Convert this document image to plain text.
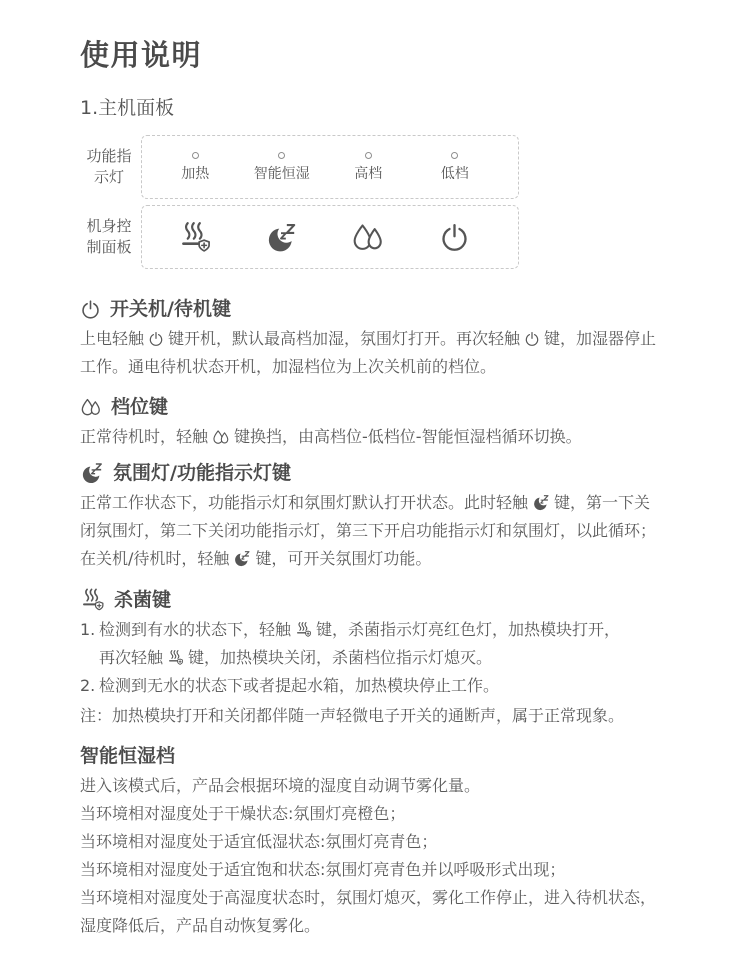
使用说明
1.主机面板
功能指
示灯	加热	智能恒湿	高档	低档
机身控
制面板
开关机/待机键

上电轻触 键开机，默认最高档加湿，氛围灯打开。再次轻触 键，加湿器停止工作。通电待机状态开机，加湿档位为上次关机前的档位。

档位键

正常待机时，轻触 键换挡，由高档位-低档位-智能恒湿档循环切换。

氛围灯/功能指示灯键

正常工作状态下，功能指示灯和氛围灯默认打开状态。此时轻触 键，第一下关闭氛围灯，第二下关闭功能指示灯，第三下开启功能指示灯和氛围灯，以此循环；在关机/待机时，轻触 键，可开关氛围灯功能。

杀菌键
1. 检测到有水的状态下，轻触 键，杀菌指示灯亮红色灯，加热模块打开，
再次轻触 键，加热模块关闭，杀菌档位指示灯熄灭。
2. 检测到无水的状态下或者提起水箱，加热模块停止工作。
注：加热模块打开和关闭都伴随一声轻微电子开关的通断声，属于正常现象。
智能恒湿档
进入该模式后，产品会根据环境的湿度自动调节雾化量。
当环境相对湿度处于干燥状态:氛围灯亮橙色；
当环境相对湿度处于适宜低湿状态:氛围灯亮青色；
当环境相对湿度处于适宜饱和状态:氛围灯亮青色并以呼吸形式出现；
当环境相对湿度处于高湿度状态时，氛围灯熄灭，雾化工作停止，进入待机状态，
湿度降低后，产品自动恢复雾化。
